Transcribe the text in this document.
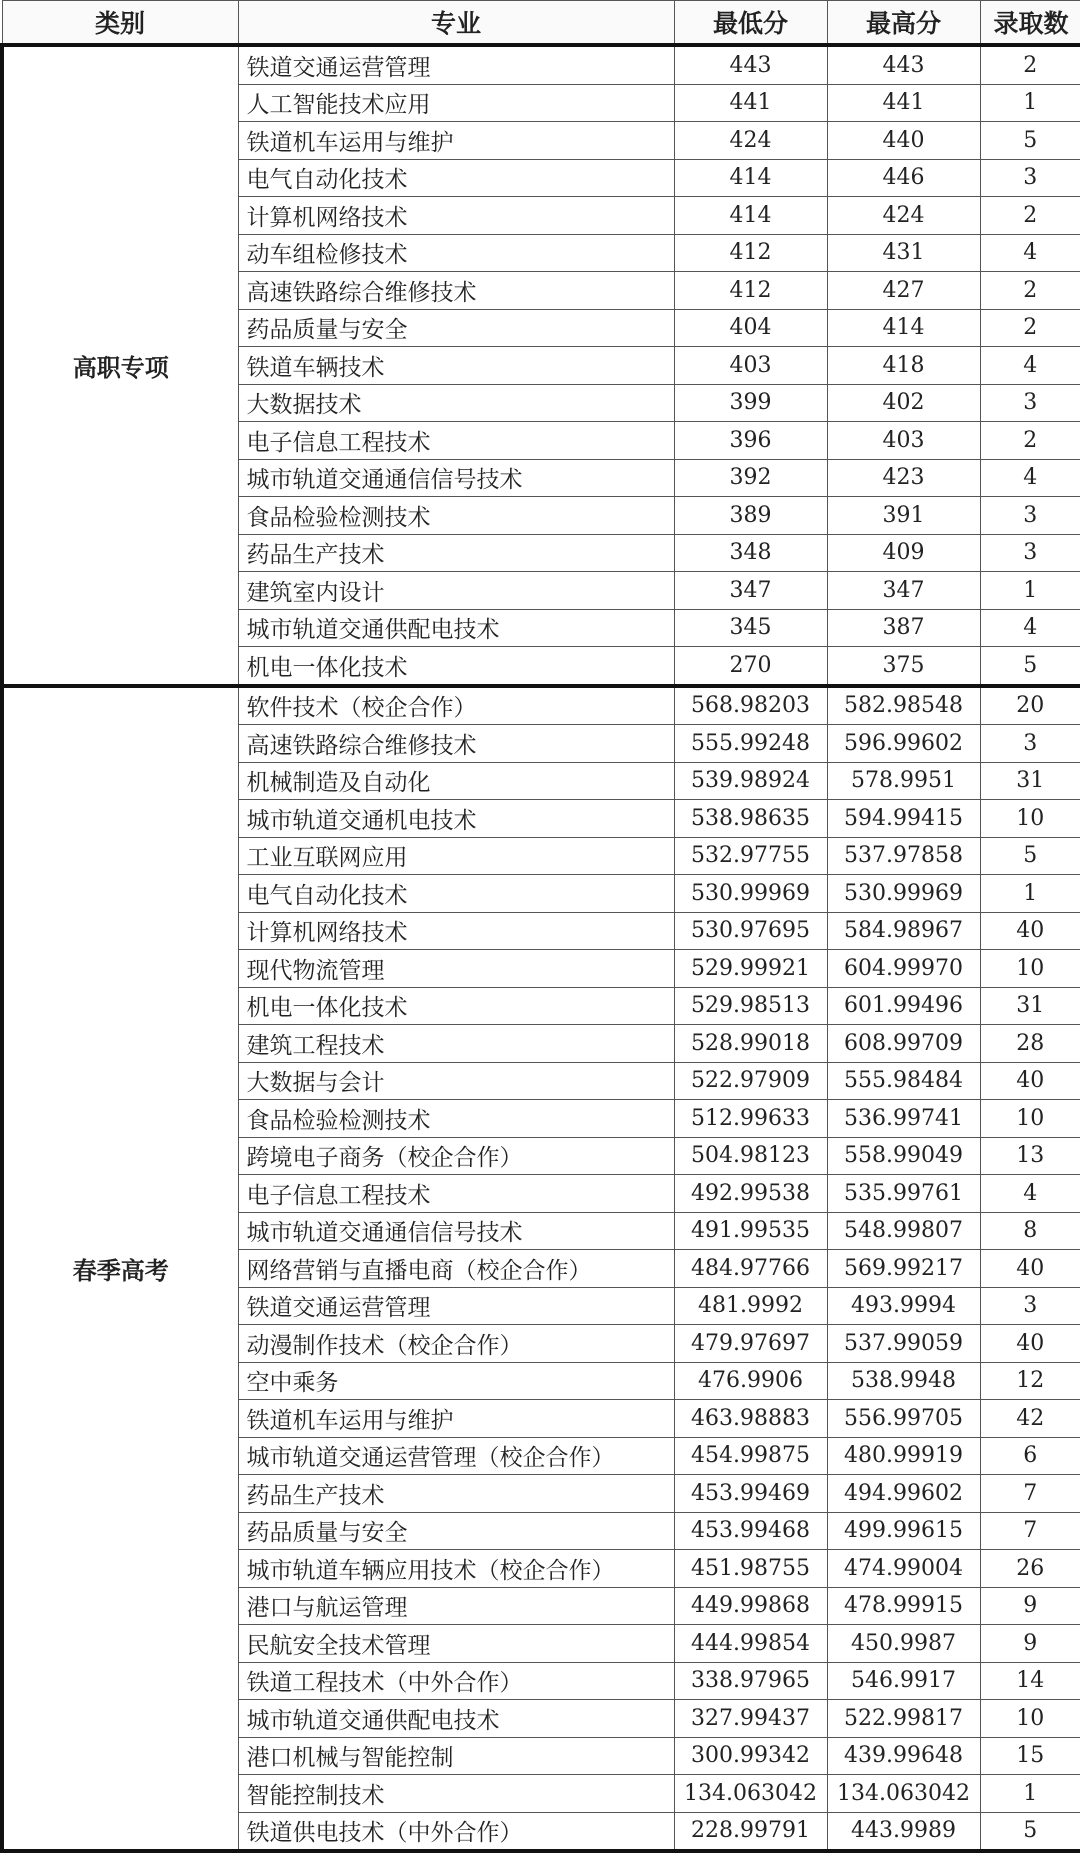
类别	专业	最低分	最高分	录取数
高职专项	铁道交通运营管理	443	443	2
	人工智能技术应用	441	441	1
	铁道机车运用与维护	424	440	5
	电气自动化技术	414	446	3
	计算机网络技术	414	424	2
	动车组检修技术	412	431	4
	高速铁路综合维修技术	412	427	2
	药品质量与安全	404	414	2
	铁道车辆技术	403	418	4
	大数据技术	399	402	3
	电子信息工程技术	396	403	2
	城市轨道交通通信信号技术	392	423	4
	食品检验检测技术	389	391	3
	药品生产技术	348	409	3
	建筑室内设计	347	347	1
	城市轨道交通供配电技术	345	387	4
	机电一体化技术	270	375	5
春季高考	软件技术（校企合作）	568.98203	582.98548	20
	高速铁路综合维修技术	555.99248	596.99602	3
	机械制造及自动化	539.98924	578.9951	31
	城市轨道交通机电技术	538.98635	594.99415	10
	工业互联网应用	532.97755	537.97858	5
	电气自动化技术	530.99969	530.99969	1
	计算机网络技术	530.97695	584.98967	40
	现代物流管理	529.99921	604.99970	10
	机电一体化技术	529.98513	601.99496	31
	建筑工程技术	528.99018	608.99709	28
	大数据与会计	522.97909	555.98484	40
	食品检验检测技术	512.99633	536.99741	10
	跨境电子商务（校企合作）	504.98123	558.99049	13
	电子信息工程技术	492.99538	535.99761	4
	城市轨道交通通信信号技术	491.99535	548.99807	8
	网络营销与直播电商（校企合作）	484.97766	569.99217	40
	铁道交通运营管理	481.9992	493.9994	3
	动漫制作技术（校企合作）	479.97697	537.99059	40
	空中乘务	476.9906	538.9948	12
	铁道机车运用与维护	463.98883	556.99705	42
	城市轨道交通运营管理（校企合作）	454.99875	480.99919	6
	药品生产技术	453.99469	494.99602	7
	药品质量与安全	453.99468	499.99615	7
	城市轨道车辆应用技术（校企合作）	451.98755	474.99004	26
	港口与航运管理	449.99868	478.99915	9
	民航安全技术管理	444.99854	450.9987	9
	铁道工程技术（中外合作）	338.97965	546.9917	14
	城市轨道交通供配电技术	327.99437	522.99817	10
	港口机械与智能控制	300.99342	439.99648	15
	智能控制技术	134.063042	134.063042	1
	铁道供电技术（中外合作）	228.99791	443.9989	5
